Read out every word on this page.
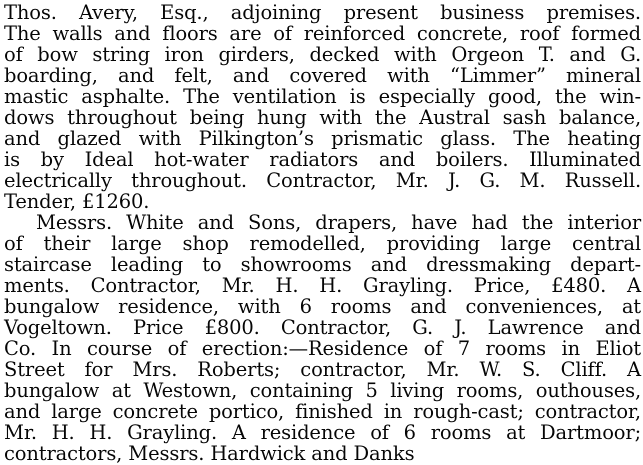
Thos. Avery, Esq., adjoining present business premises.
The walls and floors are of reinforced concrete, roof formed
of bow string iron girders, decked with Orgeon T. and G.
boarding, and felt, and covered with “Limmer” mineral
mastic asphalte. The ventilation is especially good, the win-
dows throughout being hung with the Austral sash balance,
and glazed with Pilkington’s prismatic glass. The heating
is by Ideal hot-water radiators and boilers. Illuminated
electrically throughout. Contractor, Mr. J. G. M. Russell.
Tender, £1260.
Messrs. White and Sons, drapers, have had the interior
of their large shop remodelled, providing large central
staircase leading to showrooms and dressmaking depart-
ments. Contractor, Mr. H. H. Grayling. Price, £480. A
bungalow residence, with 6 rooms and conveniences, at
Vogeltown. Price £800. Contractor, G. J. Lawrence and
Co. In course of erection:—Residence of 7 rooms in Eliot
Street for Mrs. Roberts; contractor, Mr. W. S. Cliff. A
bungalow at Westown, containing 5 living rooms, outhouses,
and large concrete portico, finished in rough-cast; contractor,
Mr. H. H. Grayling. A residence of 6 rooms at Dartmoor;
contractors, Messrs. Hardwick and Danks
